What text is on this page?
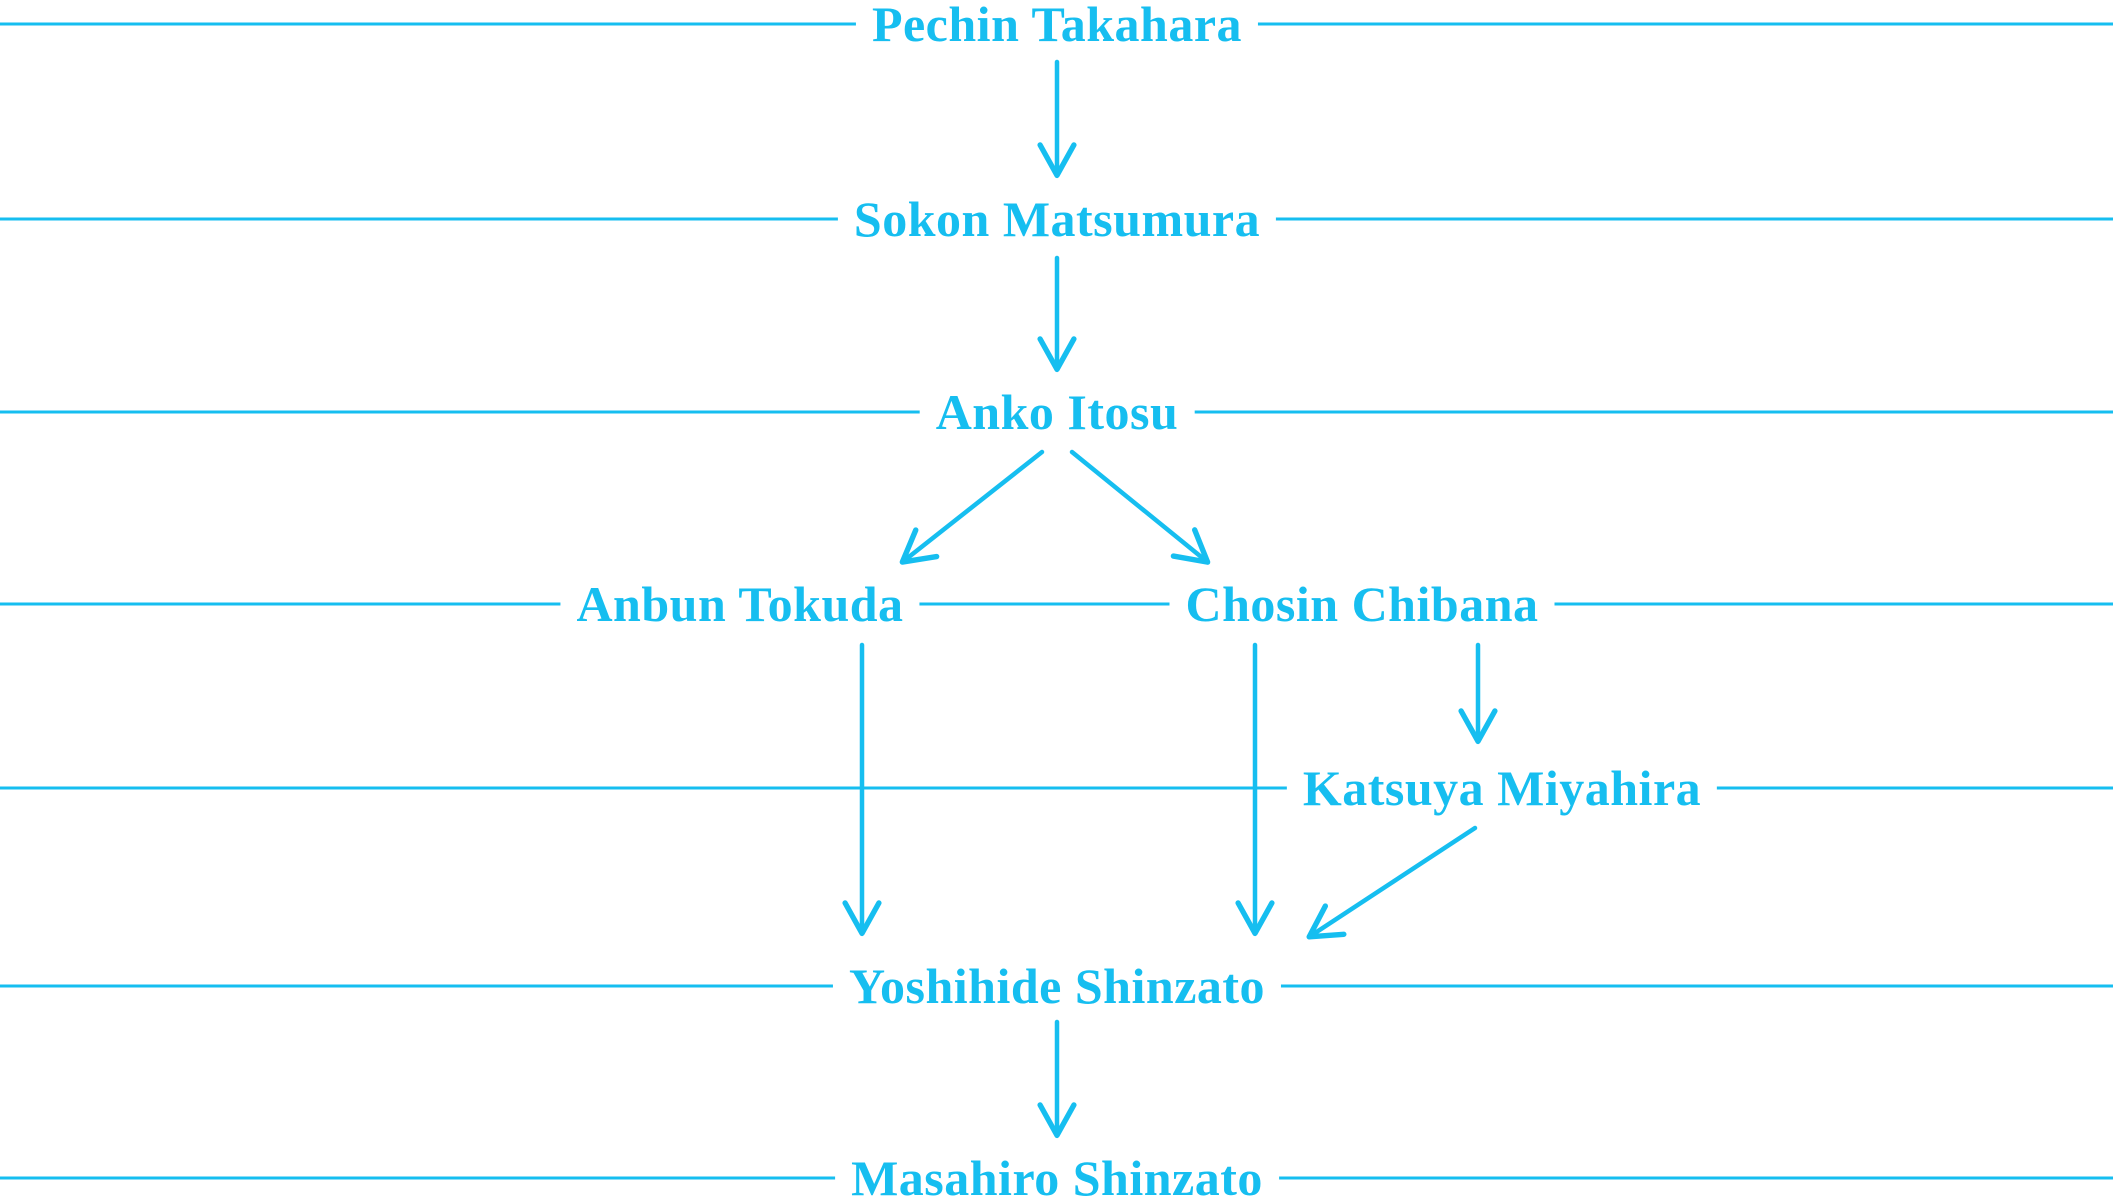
Pechin Takahara
Sokon Matsumura
Anko Itosu
Anbun Tokuda	Chosin Chibana
Katsuya Miyahira
Yoshihide Shinzato
Masahiro Shinzato
